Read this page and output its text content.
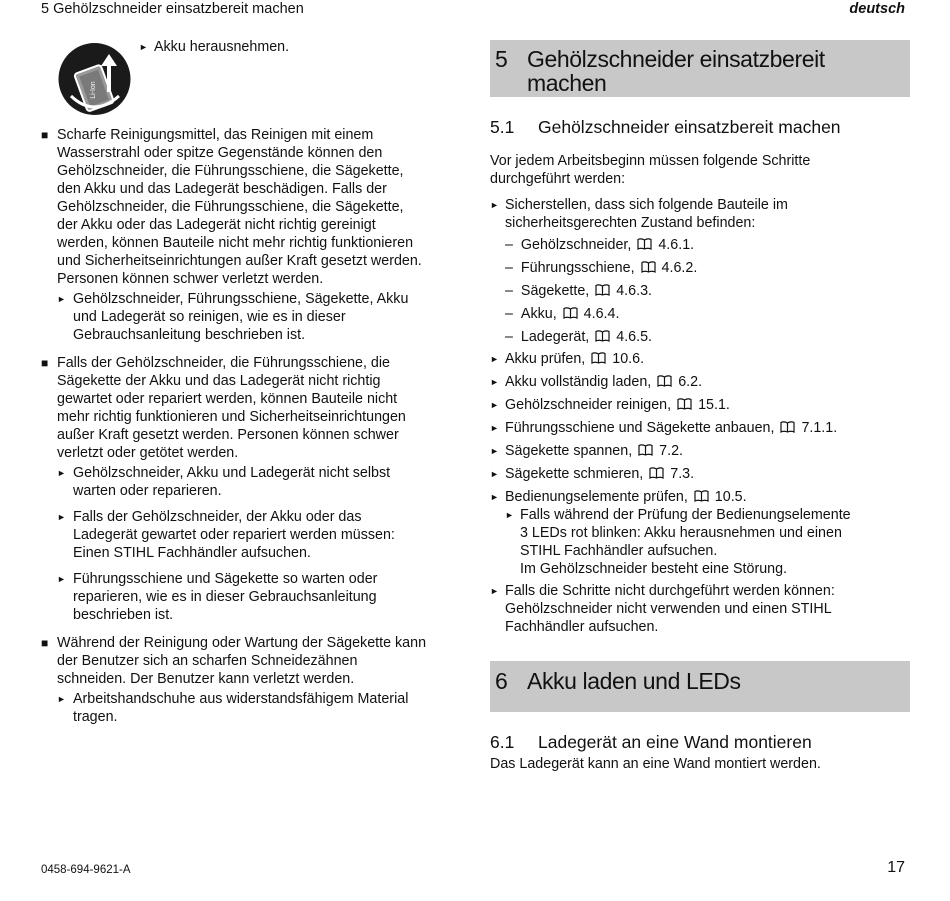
5 Gehölzschneider einsatzbereit machen	deutsch
Li-Ion
► Akku herausnehmen.
■ Scharfe Reinigungsmittel, das Reinigen mit einem
Wasserstrahl oder spitze Gegenstände können den
Gehölzschneider, die Führungsschiene, die Sägekette,
den Akku und das Ladegerät beschädigen. Falls der
Gehölzschneider, die Führungsschiene, die Sägekette,
der Akku oder das Ladegerät nicht richtig gereinigt
werden, können Bauteile nicht mehr richtig funktionieren
und Sicherheitseinrichtungen außer Kraft gesetzt werden.
Personen können schwer verletzt werden.
► Gehölzschneider, Führungsschiene, Sägekette, Akku
und Ladegerät so reinigen, wie es in dieser
Gebrauchsanleitung beschrieben ist.
■ Falls der Gehölzschneider, die Führungsschiene, die
Sägekette der Akku und das Ladegerät nicht richtig
gewartet oder repariert werden, können Bauteile nicht
mehr richtig funktionieren und Sicherheitseinrichtungen
außer Kraft gesetzt werden. Personen können schwer
verletzt oder getötet werden.
► Gehölzschneider, Akku und Ladegerät nicht selbst
warten oder reparieren.
► Falls der Gehölzschneider, der Akku oder das
Ladegerät gewartet oder repariert werden müssen:
Einen STIHL Fachhändler aufsuchen.
► Führungsschiene und Sägekette so warten oder
reparieren, wie es in dieser Gebrauchsanleitung
beschrieben ist.
■ Während der Reinigung oder Wartung der Sägekette kann
der Benutzer sich an scharfen Schneidezähnen
schneiden. Der Benutzer kann verletzt werden.
► Arbeitshandschuhe aus widerstandsfähigem Material
tragen.
5 Gehölzschneider einsatzbereit
machen
5.1 Gehölzschneider einsatzbereit machen
Vor jedem Arbeitsbeginn müssen folgende Schritte
durchgeführt werden:
► Sicherstellen, dass sich folgende Bauteile im
sicherheitsgerechten Zustand befinden:
–  Gehölzschneider, 4.6.1.
–  Führungsschiene, 4.6.2.
–  Sägekette, 4.6.3.
–  Akku, 4.6.4.
–  Ladegerät, 4.6.5.
► Akku prüfen, 10.6.
► Akku vollständig laden, 6.2.
► Gehölzschneider reinigen, 15.1.
► Führungsschiene und Sägekette anbauen, 7.1.1.
► Sägekette spannen, 7.2.
► Sägekette schmieren, 7.3.
► Bedienungselemente prüfen, 10.5.
► Falls während der Prüfung der Bedienungselemente
3 LEDs rot blinken: Akku herausnehmen und einen
STIHL Fachhändler aufsuchen.
Im Gehölzschneider besteht eine Störung.
► Falls die Schritte nicht durchgeführt werden können:
Gehölzschneider nicht verwenden und einen STIHL
Fachhändler aufsuchen.
6 Akku laden und LEDs
6.1 Ladegerät an eine Wand montieren
Das Ladegerät kann an eine Wand montiert werden.
0458-694-9621-A	17
